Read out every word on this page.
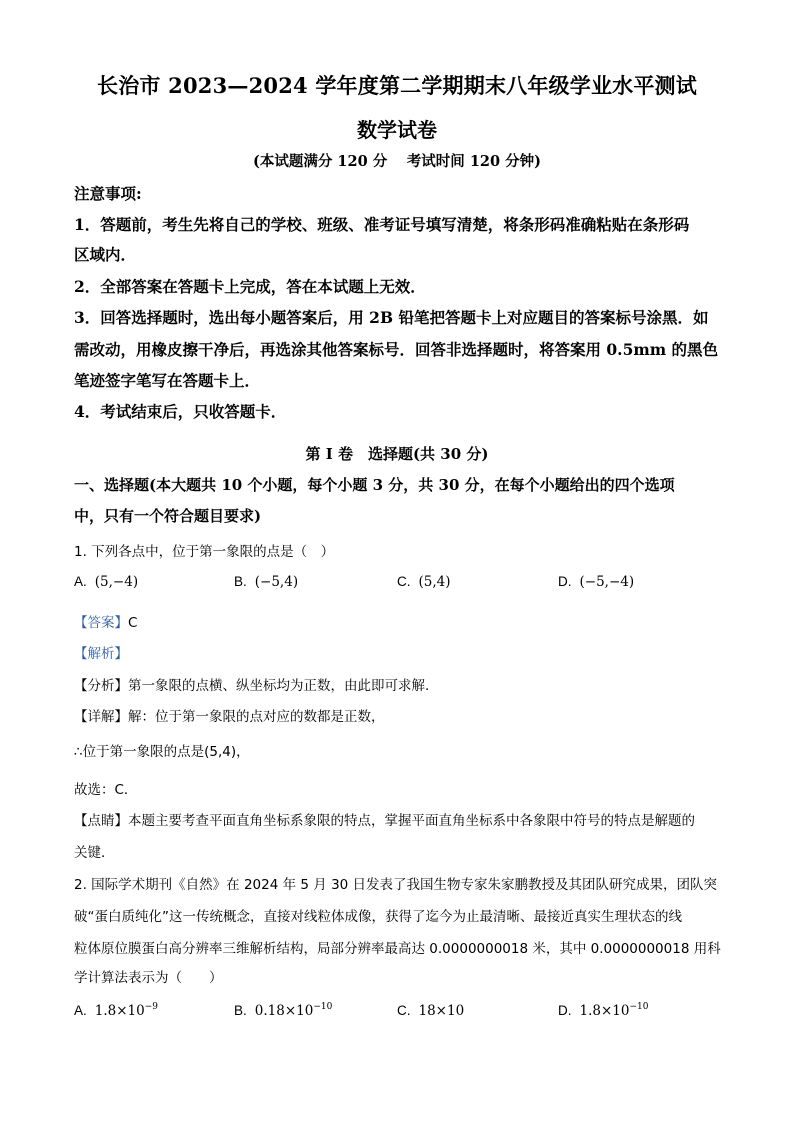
长治市 2023—2024 学年度第二学期期末八年级学业水平测试
数学试卷
(本试题满分 120 分　 考试时间 120 分钟)
注意事项:
1．答题前，考生先将自己的学校、班级、准考证号填写清楚，将条形码准确粘贴在条形码
区域内．
2．全部答案在答题卡上完成，答在本试题上无效．
3．回答选择题时，选出每小题答案后，用 2B 铅笔把答题卡上对应题目的答案标号涂黑．如
需改动，用橡皮擦干净后，再选涂其他答案标号．回答非选择题时，将答案用 0.5mm 的黑色
笔迹签字笔写在答题卡上．
4．考试结束后，只收答题卡．
第 I 卷　选择题(共 30 分)
一、选择题(本大题共 10 个小题，每个小题 3 分，共 30 分，在每个小题给出的四个选项
中，只有一个符合题目要求)
1. 下列各点中，位于第一象限的点是（　）
A. (5,−4)	B. (−5,4)	C. (5,4)	D. (−5,−4)
【答案】C
【解析】
【分析】第一象限的点横、纵坐标均为正数，由此即可求解．
【详解】解：位于第一象限的点对应的数都是正数，
∴位于第一象限的点是(5,4)，
故选：C．
【点睛】本题主要考查平面直角坐标系象限的特点，掌握平面直角坐标系中各象限中符号的特点是解题的
关键．
2. 国际学术期刊《自然》在 2024 年 5 月 30 日发表了我国生物专家朱家鹏教授及其团队研究成果，团队突
破“蛋白质纯化”这一传统概念，直接对线粒体成像，获得了迄今为止最清晰、最接近真实生理状态的线
粒体原位膜蛋白高分辨率三维解析结构，局部分辨率最高达 0.0000000018 米，其中 0.0000000018 用科
学计算法表示为（　　）
A. $1.8\times 10^{-9}$	B. $0.18\times 10^{-10}$	C. 18×10	D. $1.8\times 10^{-10}$
